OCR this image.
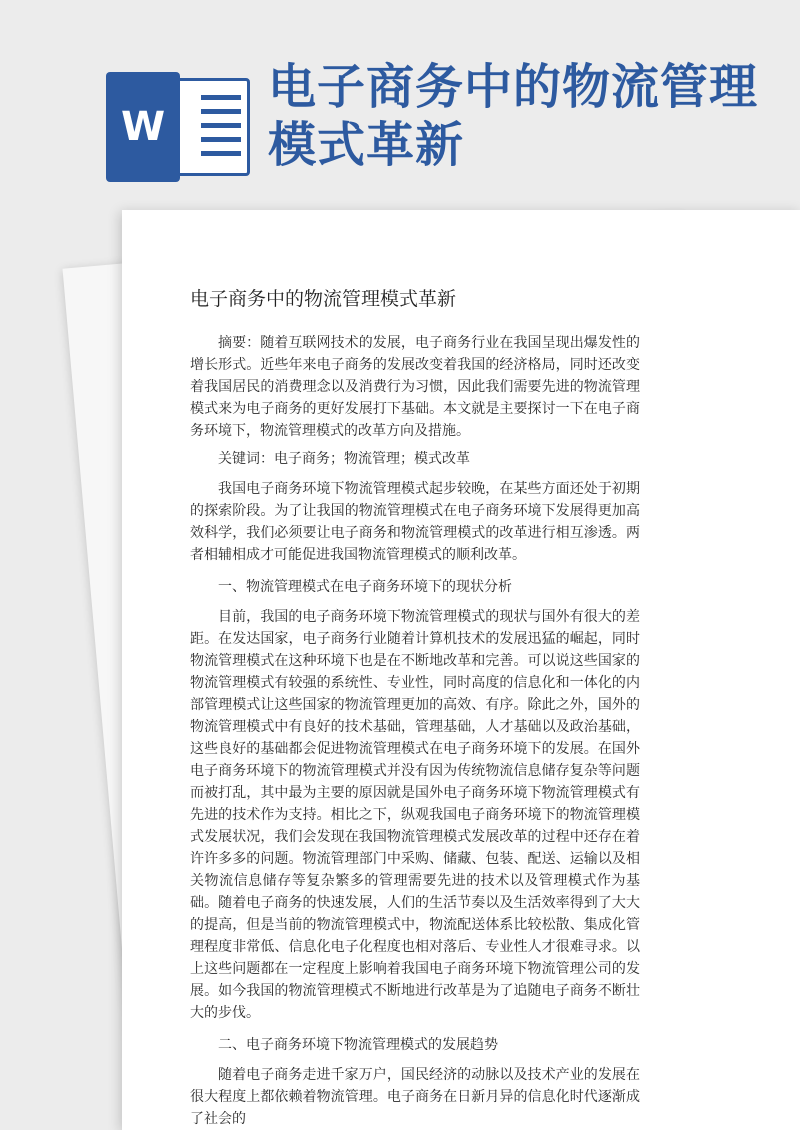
W
电子商务中的物流管理模式革新
电子商务中的物流管理模式革新

摘要：随着互联网技术的发展，电子商务行业在我国呈现出爆发性的增长形式。近些年来电子商务的发展改变着我国的经济格局，同时还改变着我国居民的消费理念以及消费行为习惯，因此我们需要先进的物流管理模式来为电子商务的更好发展打下基础。本文就是主要探讨一下在电子商务环境下，物流管理模式的改革方向及措施。

关键词：电子商务；物流管理；模式改革

我国电子商务环境下物流管理模式起步较晚，在某些方面还处于初期的探索阶段。为了让我国的物流管理模式在电子商务环境下发展得更加高效科学，我们必须要让电子商务和物流管理模式的改革进行相互渗透。两者相辅相成才可能促进我国物流管理模式的顺利改革。

一、物流管理模式在电子商务环境下的现状分析

目前，我国的电子商务环境下物流管理模式的现状与国外有很大的差距。在发达国家，电子商务行业随着计算机技术的发展迅猛的崛起，同时物流管理模式在这种环境下也是在不断地改革和完善。可以说这些国家的物流管理模式有较强的系统性、专业性，同时高度的信息化和一体化的内部管理模式让这些国家的物流管理更加的高效、有序。除此之外，国外的物流管理模式中有良好的技术基础，管理基础，人才基础以及政治基础，这些良好的基础都会促进物流管理模式在电子商务环境下的发展。在国外电子商务环境下的物流管理模式并没有因为传统物流信息储存复杂等问题而被打乱，其中最为主要的原因就是国外电子商务环境下物流管理模式有先进的技术作为支持。相比之下，纵观我国电子商务环境下的物流管理模式发展状况，我们会发现在我国物流管理模式发展改革的过程中还存在着许许多多的问题。物流管理部门中采购、储藏、包装、配送、运输以及相关物流信息储存等复杂繁多的管理需要先进的技术以及管理模式作为基础。随着电子商务的快速发展，人们的生活节奏以及生活效率得到了大大的提高，但是当前的物流管理模式中，物流配送体系比较松散、集成化管理程度非常低、信息化电子化程度也相对落后、专业性人才很难寻求。以上这些问题都在一定程度上影响着我国电子商务环境下物流管理公司的发展。如今我国的物流管理模式不断地进行改革是为了追随电子商务不断壮大的步伐。

二、电子商务环境下物流管理模式的发展趋势

随着电子商务走进千家万户，国民经济的动脉以及技术产业的发展在很大程度上都依赖着物流管理。电子商务在日新月异的信息化时代逐渐成了社会的
